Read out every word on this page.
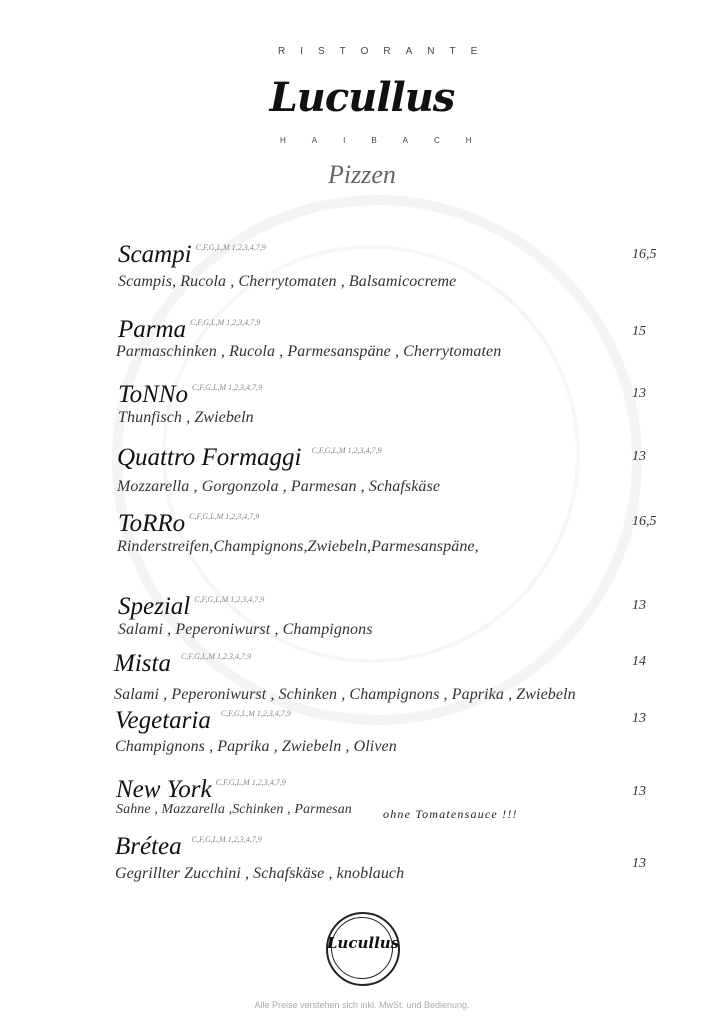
RISTORANTE
Lucullus
HAIBACH
Pizzen
Scampi $^{C,F,G,L,M 1,2,3,4,7,9}$
Scampis, Rucola , Cherrytomaten , Balsamicocreme
16,5
Parma $^{C,F,G,L,M 1,2,3,4,7,9}$
Parmaschinken , Rucola , Parmesanspäne , Cherrytomaten
15
ToNNo $^{C,F,G,L,M 1,2,3,4,7,9}$
Thunfisch , Zwiebeln
13
Quattro Formaggi $^{C,F,G,L,M 1,2,3,4,7,9}$
Mozzarella , Gorgonzola , Parmesan , Schafskäse
13
ToRRo $^{C,F,G,L,M 1,2,3,4,7,9}$
Rinderstreifen,Champignons,Zwiebeln,Parmesanspäne,
16,5
Spezial $^{C,F,G,L,M 1,2,3,4,7,9}$
Salami , Peperoniwurst , Champignons
13
Mista $^{C,F,G,L,M 1,2,3,4,7,9}$
Salami , Peperoniwurst , Schinken , Champignons , Paprika , Zwiebeln
14
Vegetaria $^{C,F,G,L,M 1,2,3,4,7,9}$
Champignons , Paprika , Zwiebeln , Oliven
13
New York $^{C,F,G,L,M 1,2,3,4,7,9}$
Sahne , Mazzarella ,Schinken , Parmesan	ohne Tomatensauce !!!
13
Brétea $^{C,F,G,L,M 1,2,3,4,7,9}$
Gegrillter Zucchini , Schafskäse , knoblauch
13
Lucullus
Alle Preise verstehen sich inkl. MwSt. und Bedienung.
